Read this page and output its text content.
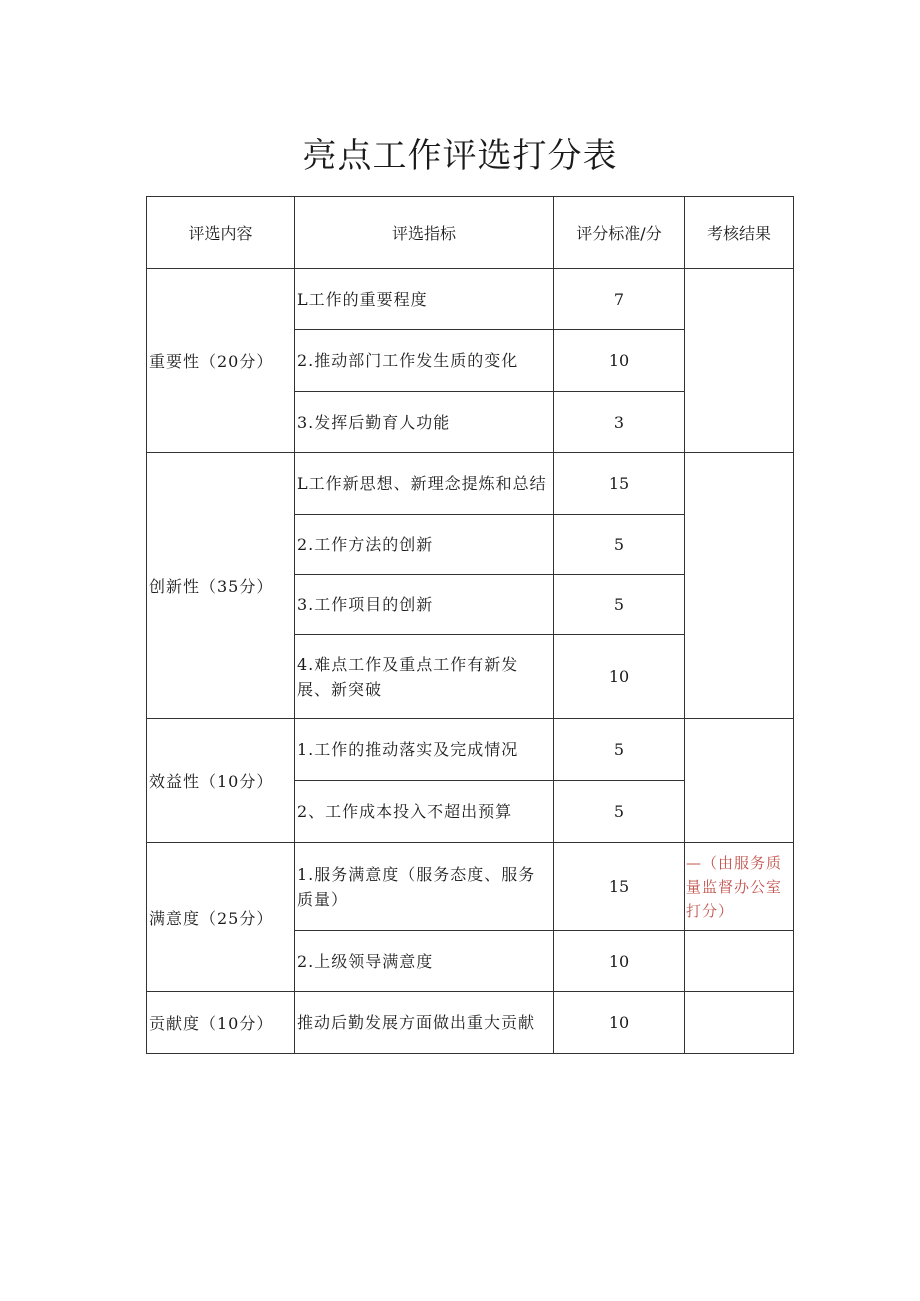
亮点工作评选打分表
评选内容	评选指标	评分标准/分	考核结果
重要性（20分）	L工作的重要程度	7	
	2.推动部门工作发生质的变化	10	
	3.发挥后勤育人功能	3	
创新性（35分）	L工作新思想、新理念提炼和总结	15	
	2.工作方法的创新	5	
	3.工作项目的创新	5	
	4.难点工作及重点工作有新发展、新突破	10	
效益性（10分）	1.工作的推动落实及完成情况	5	
	2、工作成本投入不超出预算	5	
满意度（25分）	1.服务满意度（服务态度、服务质量）	15	—（由服务质量监督办公室打分）
	2.上级领导满意度	10	
贡献度（10分）	推动后勤发展方面做出重大贡献	10	
